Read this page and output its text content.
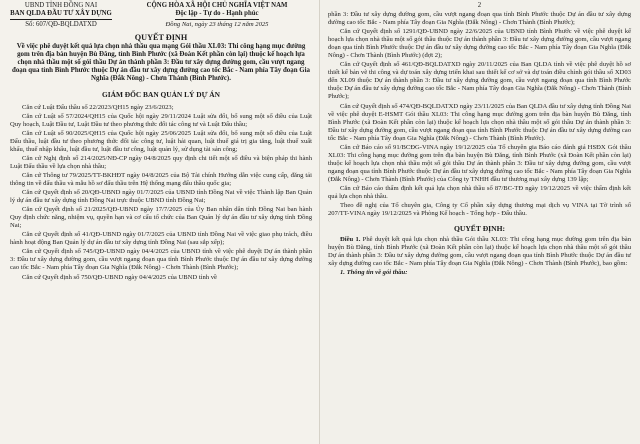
UBND TỈNH ĐỒNG NAI

BAN QLDA ĐẦU TƯ XÂY DỰNG

Số: 607/QĐ-BQLDATXD

CỘNG HÒA XÃ HỘI CHỦ NGHĨA VIỆT NAM

Độc lập - Tự do - Hạnh phúc

Đồng Nai, ngày 23 tháng 12 năm 2025

QUYẾT ĐỊNH

Về việc phê duyệt kết quả lựa chọn nhà thầu qua mạng Gói thầu XL03: Thi công hạng mục đường gom trên địa bàn huyện Bù Đăng, tỉnh Bình Phước (xã Đoàn Kết phần còn lại) thuộc kế hoạch lựa chọn nhà thầu một số gói thầu Dự án thành phần 3: Đầu tư xây dựng đường gom, cầu vượt ngang đoạn qua tỉnh Bình Phước thuộc Dự án đầu tư xây dựng đường cao tốc Bắc - Nam phía Tây đoạn Gia Nghĩa (Đắk Nông) - Chơn Thành (Bình Phước).

GIÁM ĐỐC BAN QUẢN LÝ DỰ ÁN

Căn cứ Luật Đấu thầu số 22/2023/QH15 ngày 23/6/2023;

Căn cứ Luật số 57/2024/QH15 của Quốc hội ngày 29/11/2024 Luật sửa đổi, bổ sung một số điều của Luật Quy hoạch, Luật Đầu tư, Luật Đầu tư theo phương thức đối tác công tư và Luật Đấu thầu;

Căn cứ Luật số 90/2025/QH15 của Quốc hội ngày 25/06/2025 Luật sửa đổi, bổ sung một số điều của Luật Đấu thầu, luật đầu tư theo phương thức đối tác công tư, luật hải quan, luật thuế giá trị gia tăng, luật thuế xuất khẩu, thuế nhập khẩu, luật đầu tư, luật đầu tư công, luật quản lý, sử dụng tài sản công;

Căn cứ Nghị định số 214/2025/NĐ-CP ngày 04/8/2025 quy định chi tiết một số điều và biện pháp thi hành Luật Đấu thầu về lựa chọn nhà thầu;

Căn cứ Thông tư 79/2025/TT-BKHĐT ngày 04/8/2025 của Bộ Tài chính Hướng dẫn việc cung cấp, đăng tải thông tin về đấu thầu và mẫu hồ sơ đấu thầu trên Hệ thống mạng đấu thầu quốc gia;

Căn cứ Quyết định số 20/QĐ-UBND ngày 01/7/2025 của UBND tỉnh Đồng Nai về việc Thành lập Ban Quản lý dự án đầu tư xây dựng tỉnh Đồng Nai trực thuộc UBND tỉnh Đồng Nai;

Căn cứ Quyết định số 21/2025/QĐ-UBND ngày 17/7/2025 của Ủy Ban nhân dân tỉnh Đồng Nai ban hành Quy định chức năng, nhiệm vụ, quyền hạn và cơ cấu tổ chức của Ban Quản lý dự án đầu tư xây dựng tỉnh Đồng Nai;

Căn cứ Quyết định số 41/QĐ-UBND ngày 01/7/2025 của UBND tỉnh Đồng Nai về việc giao phụ trách, điều hành hoạt động Ban Quản lý dự án đầu tư xây dựng tỉnh Đồng Nai (sau sắp xếp);

Căn cứ Quyết định số 745/QĐ-UBND ngày 04/4/2025 của UBND tỉnh về việc phê duyệt Dự án thành phần 3: Đầu tư xây dựng đường gom, cầu vượt ngang đoạn qua tỉnh Bình Phước thuộc Dự án đầu tư xây dựng đường cao tốc Bắc - Nam phía Tây đoạn Gia Nghĩa (Đắk Nông) - Chơn Thành (Bình Phước);

Căn cứ Quyết định số 750/QĐ-UBND ngày 04/4/2025 của UBND tỉnh về

2

phần 3: Đầu tư xây dựng đường gom, cầu vượt ngang đoạn qua tỉnh Bình Phước thuộc Dự án đầu tư xây dựng đường cao tốc Bắc - Nam phía Tây đoạn Gia Nghĩa (Đắk Nông) - Chơn Thành (Bình Phước);

Căn cứ Quyết định số 1291/QĐ-UBND ngày 22/6/2025 của UBND tỉnh Bình Phước về việc phê duyệt kế hoạch lựa chọn nhà thầu một số gói thầu thuộc Dự án thành phần 3: Đầu tư xây dựng đường gom, cầu vượt ngang đoạn qua tỉnh Bình Phước thuộc Dự án đầu tư xây dựng đường cao tốc Bắc - Nam phía Tây đoạn Gia Nghĩa (Đắk Nông) - Chơn Thành (Bình Phước) (đợt 2);

Căn cứ Quyết định số 461/QĐ-BQLDATXD ngày 20/11/2025 của Ban QLDA tỉnh về việc phê duyệt hồ sơ thiết kế bản vẽ thi công và dự toán xây dựng triển khai sau thiết kế cơ sở và dự toán điều chỉnh gói thầu số XD03 đến XL09 thuộc Dự án thành phần 3: Đầu tư xây dựng đường gom, cầu vượt ngang đoạn qua tỉnh Bình Phước thuộc Dự án đầu tư xây dựng đường cao tốc Bắc - Nam phía Tây đoạn Gia Nghĩa (Đắk Nông) - Chơn Thành (Bình Phước);

Căn cứ Quyết định số 474/QĐ-BQLDATXD ngày 23/11/2025 của Ban QLDA đầu tư xây dựng tỉnh Đồng Nai về việc phê duyệt E-HSMT Gói thầu XL03: Thi công hạng mục đường gom trên địa bàn huyện Bù Đăng, tỉnh Bình Phước (xã Đoàn Kết phần còn lại) thuộc kế hoạch lựa chọn nhà thầu một số gói thầu Dự án thành phần 3: Đầu tư xây dựng đường gom, cầu vượt ngang đoạn qua tỉnh Bình Phước thuộc Dự án đầu tư xây dựng đường cao tốc Bắc - Nam phía Tây đoạn Gia Nghĩa (Đắk Nông) - Chơn Thành (Bình Phước).

Căn cứ Báo cáo số 91/BCĐG-VINA ngày 19/12/2025 của Tổ chuyên gia Báo cáo đánh giá HSĐX Gói thầu XL03: Thi công hạng mục đường gom trên địa bàn huyện Bù Đăng, tỉnh Bình Phước (xã Đoàn Kết phần còn lại) thuộc kế hoạch lựa chọn nhà thầu một số gói thầu Dự án thành phần 3: Đầu tư xây dựng đường gom, cầu vượt ngang đoạn qua tỉnh Bình Phước thuộc Dự án đầu tư xây dựng đường cao tốc Bắc - Nam phía Tây đoạn Gia Nghĩa (Đắk Nông) - Chơn Thành (Bình Phước) của Công ty TNHH đầu tư thương mại xây dựng 139 lập;

Căn cứ Báo cáo thẩm định kết quả lựa chọn nhà thầu số 87/BC-TĐ ngày 19/12/2025 về việc thẩm định kết quả lựa chọn nhà thầu.

Theo đề nghị của Tổ chuyên gia, Công ty Cổ phần xây dựng thương mại dịch vụ VINA tại Tờ trình số 207/TT-VINA ngày 19/12/2025 và Phòng Kế hoạch - Tổng hợp - Đấu thầu.

QUYẾT ĐỊNH:

Điều 1. Phê duyệt kết quả lựa chọn nhà thầu Gói thầu XL03: Thi công hạng mục đường gom trên địa bàn huyện Bù Đăng, tỉnh Bình Phước (xã Đoàn Kết phần còn lại) thuộc kế hoạch lựa chọn nhà thầu một số gói thầu Dự án thành phần 3: Đầu tư xây dựng đường gom, cầu vượt ngang đoạn qua tỉnh Bình Phước thuộc Dự án đầu tư xây dựng đường cao tốc Bắc - Nam phía Tây đoạn Gia Nghĩa (Đắk Nông) - Chơn Thành (Bình Phước), bao gồm:

1. Thông tin về gói thầu:
